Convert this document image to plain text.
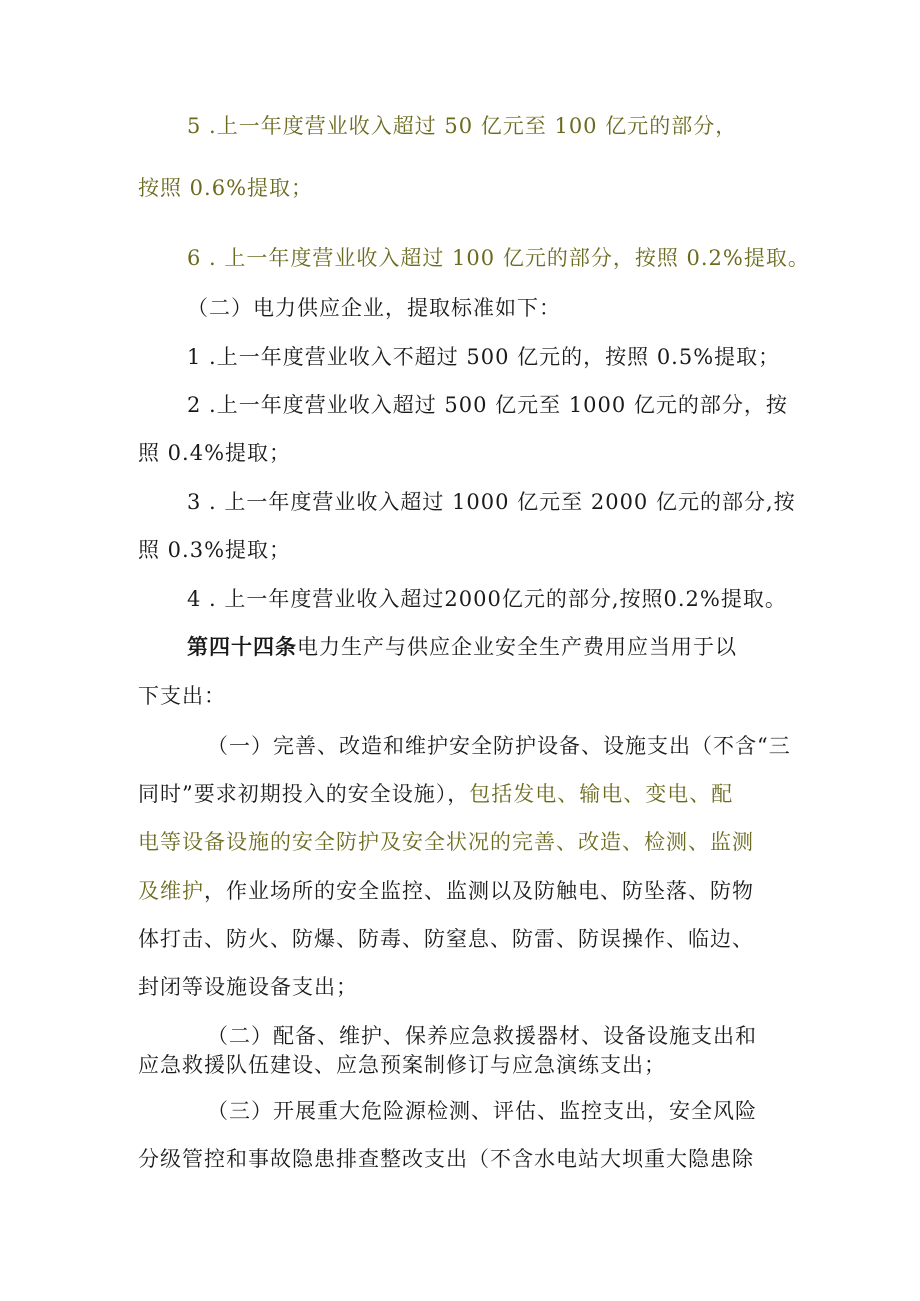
5 .上一年度营业收入超过 50 亿元至 100 亿元的部分，
按照 0.6%提取；
6 . 上一年度营业收入超过 100 亿元的部分，按照 0.2%提取。
（二）电力供应企业，提取标准如下：
1 .上一年度营业收入不超过 500 亿元的，按照 0.5%提取；
2 .上一年度营业收入超过 500 亿元至 1000 亿元的部分，按
照 0.4%提取；
3 . 上一年度营业收入超过 1000 亿元至 2000 亿元的部分,按
照 0.3%提取；
4 . 上一年度营业收入超过2000亿元的部分,按照0.2%提取。
第四十四条电力生产与供应企业安全生产费用应当用于以
下支出：
（一）完善、改造和维护安全防护设备、设施支出（不含“三
同时”要求初期投入的安全设施），包括发电、输电、变电、配
电等设备设施的安全防护及安全状况的完善、改造、检测、监测
及维护，作业场所的安全监控、监测以及防触电、防坠落、防物
体打击、防火、防爆、防毒、防窒息、防雷、防误操作、临边、
封闭等设施设备支出；
（二）配备、维护、保养应急救援器材、设备设施支出和
应急救援队伍建设、应急预案制修订与应急演练支出；
（三）开展重大危险源检测、评估、监控支出，安全风险
分级管控和事故隐患排查整改支出（不含水电站大坝重大隐患除
